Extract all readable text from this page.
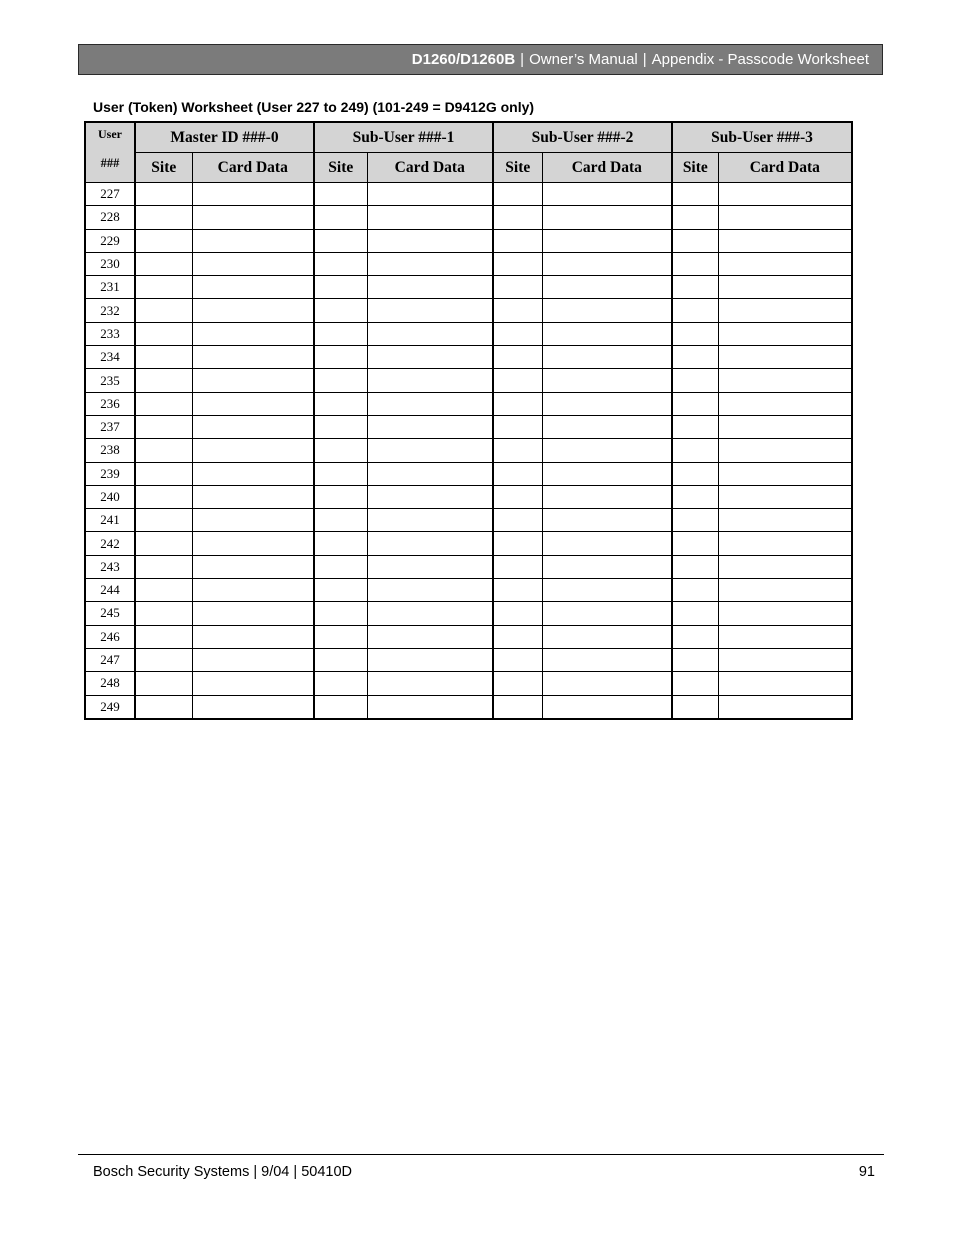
D1260/D1260B | Owner’s Manual | Appendix - Passcode Worksheet
User (Token) Worksheet (User 227 to 249) (101-249 = D9412G only)
User
###	Master ID ###-0		Sub-User ###-1		Sub-User ###-2		Sub-User ###-3	
	Site	Card Data	Site	Card Data	Site	Card Data	Site	Card Data
227								
228								
229								
230								
231								
232								
233								
234								
235								
236								
237								
238								
239								
240								
241								
242								
243								
244								
245								
246								
247								
248								
249								
Bosch Security Systems | 9/04 | 50410D	91
